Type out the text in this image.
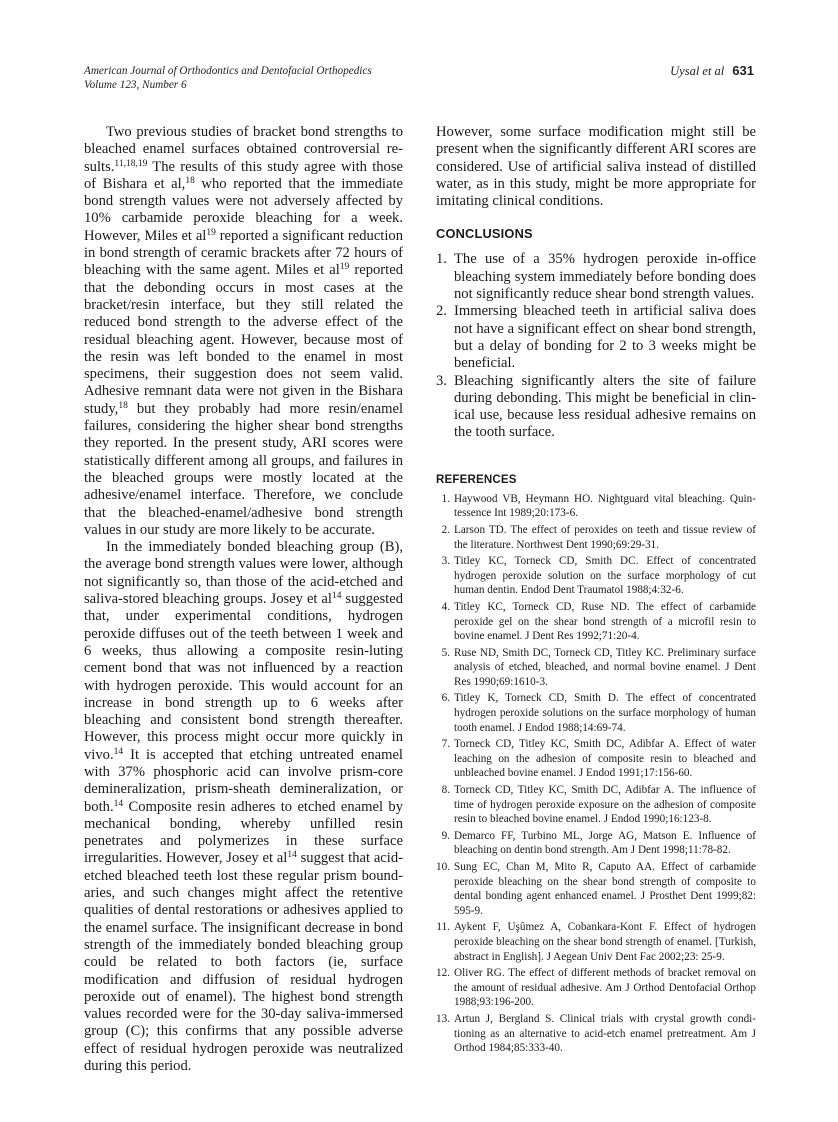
American Journal of Orthodontics and Dentofacial Orthopedics
Volume 123, Number 6
Uysal et al 631

Two previous studies of bracket bond strengths to bleached enamel surfaces obtained controversial results.$^{11,18,19}$ The results of this study agree with those of Bishara et al,$^{18}$ who reported that the immediate bond strength values were not adversely affected by 10% carbamide peroxide bleaching for a week. However, Miles et $al^{19}$ reported a significant reduction in bond strength of ceramic brackets after 72 hours of bleaching with the same agent. Miles et $al^{19}$ reported that the debonding occurs in most cases at the bracket/resin interface, but they still related the reduced bond strength to the adverse effect of the residual bleaching agent. However, because most of the resin was left bonded to the enamel in most specimens, their suggestion does not seem valid. Adhesive remnant data were not given in the Bishara study,$^{18}$ but they probably had more resin/enamel failures, considering the higher shear bond strengths they reported. In the present study, ARI scores were statistically different among all groups, and failures in the bleached groups were mostly located at the adhesive/enamel interface. Therefore, we conclude that the bleached-enamel/adhesive bond strength values in our study are more likely to be accurate.

In the immediately bonded bleaching group (B), the average bond strength values were lower, although not significantly so, than those of the acid-etched and saliva-stored bleaching groups. Josey et $al^{14}$ suggested that, under experimental conditions, hydrogen peroxide diffuses out of the teeth between 1 week and 6 weeks, thus allowing a composite resin-luting cement bond that was not influenced by a reaction with hydrogen peroxide. This would account for an increase in bond strength up to 6 weeks after bleaching and consistent bond strength thereafter. However, this process might occur more quickly in vivo.$^{14}$ It is accepted that etching untreated enamel with 37% phosphoric acid can involve prism-core demineralization, prism-sheath demineralization, or both.$^{14}$ Composite resin adheres to etched enamel by mechanical bonding, whereby unfilled resin penetrates and polymerizes in these surface irregularities. However, Josey et $al^{14}$ suggest that acid-etched bleached teeth lost these regular prism boundaries, and such changes might affect the retentive qualities of dental restorations or adhesives applied to the enamel surface. The insignificant decrease in bond strength of the immediately bonded bleaching group could be related to both factors (ie, surface modification and diffusion of residual hydrogen peroxide out of enamel). The highest bond strength values recorded were for the 30-day saliva-immersed group (C); this confirms that any possible adverse effect of residual hydrogen peroxide was neutralized during this period.

However, some surface modification might still be present when the significantly different ARI scores are considered. Use of artificial saliva instead of distilled water, as in this study, might be more appropriate for imitating clinical conditions.

CONCLUSIONS
1. The use of a 35% hydrogen peroxide in-office bleaching system immediately before bonding does not significantly reduce shear bond strength values.
2. Immersing bleached teeth in artificial saliva does not have a significant effect on shear bond strength, but a delay of bonding for 2 to 3 weeks might be beneficial.
3. Bleaching significantly alters the site of failure during debonding. This might be beneficial in clinical use, because less residual adhesive remains on the tooth surface.
REFERENCES
1. Haywood VB, Heymann HO. Nightguard vital bleaching. Quintessence Int 1989;20:173-6.
2. Larson TD. The effect of peroxides on teeth and tissue review of the literature. Northwest Dent 1990;69:29-31.
3. Titley KC, Torneck CD, Smith DC. Effect of concentrated hydrogen peroxide solution on the surface morphology of cut human dentin. Endod Dent Traumatol 1988;4:32-6.
4. Titley KC, Torneck CD, Ruse ND. The effect of carbamide peroxide gel on the shear bond strength of a microfil resin to bovine enamel. J Dent Res 1992;71:20-4.
5. Ruse ND, Smith DC, Torneck CD, Titley KC. Preliminary surface analysis of etched, bleached, and normal bovine enamel. J Dent Res 1990;69:1610-3.
6. Titley K, Torneck CD, Smith D. The effect of concentrated hydrogen peroxide solutions on the surface morphology of human tooth enamel. J Endod 1988;14:69-74.
7. Torneck CD, Titley KC, Smith DC, Adibfar A. Effect of water leaching on the adhesion of composite resin to bleached and unbleached bovine enamel. J Endod 1991;17:156-60.
8. Torneck CD, Titley KC, Smith DC, Adibfar A. The influence of time of hydrogen peroxide exposure on the adhesion of composite resin to bleached bovine enamel. J Endod 1990;16:123-8.
9. Demarco FF, Turbino ML, Jorge AG, Matson E. Influence of bleaching on dentin bond strength. Am J Dent 1998;11:78-82.
10. Sung EC, Chan M, Mito R, Caputo AA. Effect of carbamide peroxide bleaching on the shear bond strength of composite to dental bonding agent enhanced enamel. J Prosthet Dent 1999;82: 595-9.
11. Aykent F, Uşûmez A, Cobankara-Kont F. Effect of hydrogen peroxide bleaching on the shear bond strength of enamel. [Turkish, abstract in English]. J Aegean Univ Dent Fac 2002;23: 25-9.
12. Oliver RG. The effect of different methods of bracket removal on the amount of residual adhesive. Am J Orthod Dentofacial Orthop 1988;93:196-200.
13. Artun J, Bergland S. Clinical trials with crystal growth conditioning as an alternative to acid-etch enamel pretreatment. Am J Orthod 1984;85:333-40.
